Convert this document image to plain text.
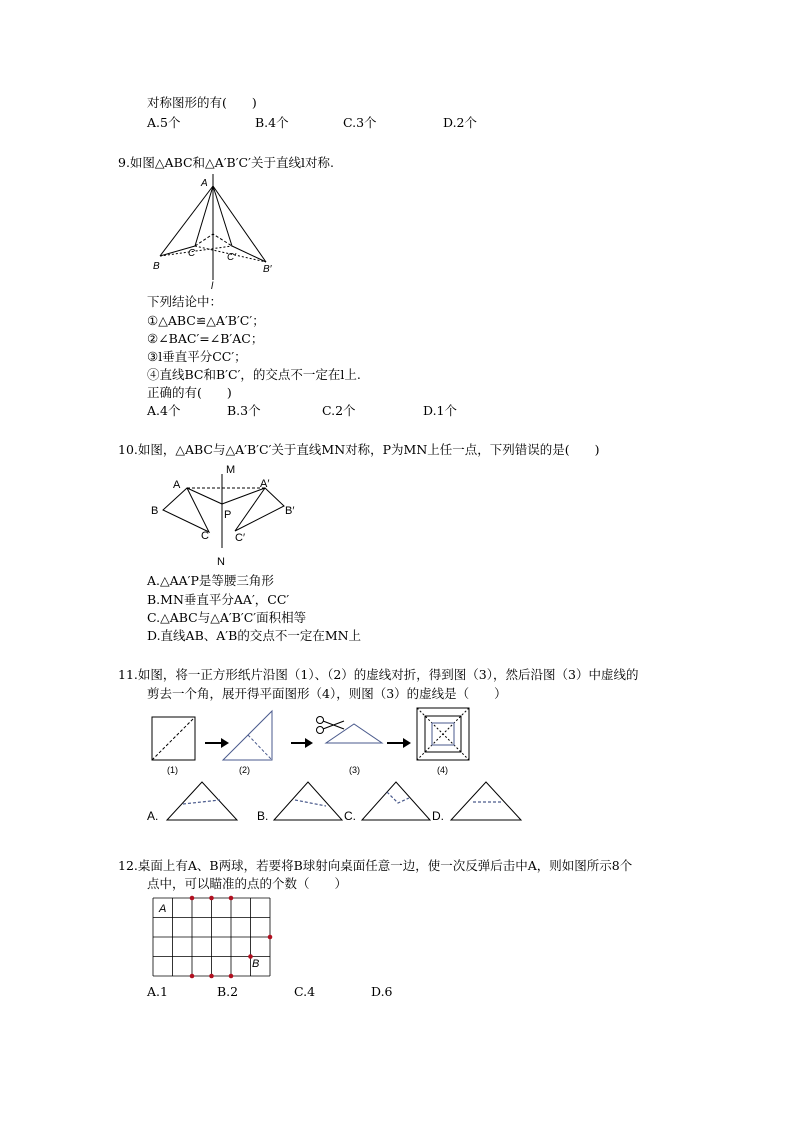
对称图形的有(　　)
A.5个	B.4个	C.3个	D.2个
9.如图△ABC和△A′B′C′关于直线l对称.
A
B
C	C′
B′
l
下列结论中：
①△ABC≌△A′B′C′；
②∠BAC′=∠B′AC；
③l垂直平分CC′；
④直线BC和B′C′，的交点不一定在l上.
正确的有(　　)
A.4个	B.3个	C.2个	D.1个
10.如图，△ABC与△A′B′C′关于直线MN对称，P为MN上任一点，下列错误的是(　　)
M
N
A	A′
B	B′
C C′
P
A.△AA′P是等腰三角形
B.MN垂直平分AA′，CC′
C.△ABC与△A′B′C′面积相等
D.直线AB、A′B的交点不一定在MN上
11.如图，将一正方形纸片沿图（1）、（2）的虚线对折，得到图（3），然后沿图（3）中虚线的
剪去一个角，展开得平面图形（4），则图（3）的虚线是（　　）
(1)	(2)	(3)	(4)
A.	B.	C.	D.
12.桌面上有A、B两球，若要将B球射向桌面任意一边，使一次反弹后击中A，则如图所示8个
点中，可以瞄准的点的个数（　　）
A
B
A.1	B.2	C.4	D.6
